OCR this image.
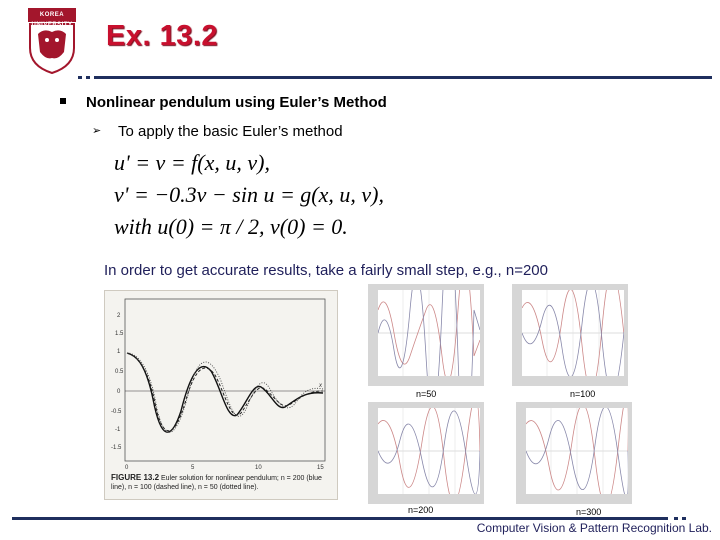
KOREA UNIVERSITY Ex. 13.2
Nonlinear pendulum using Euler’s Method
➢ To apply the basic Euler’s method
u' = v = f(x, u, v),
v' = −0.3v − sin u = g(x, u, v),
with u(0) = π / 2, v(0) = 0.
In order to get accurate results, take a fairly small step, e.g., n=200
2
1.5
1
0.5
0
-0.5
-1
-1.5
0	5	10	15
x
FIGURE 13.2 Euler solution for nonlinear pendulum; n = 200 (blue line), n = 100 (dashed line), n = 50 (dotted line).
n=50	n=100
n=200	n=300
Computer Vision & Pattern Recognition Lab.
